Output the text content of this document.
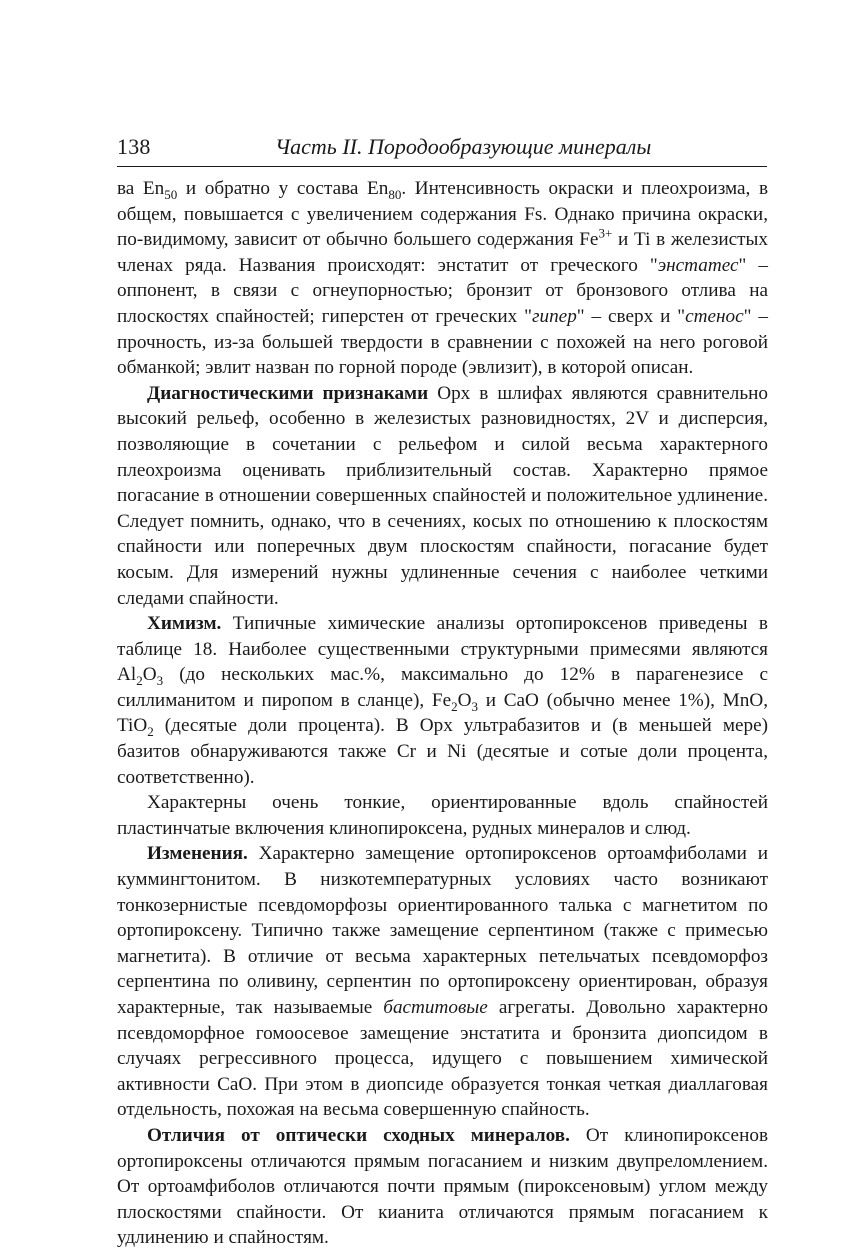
138	Часть II. Породообразующие минералы

ва $En_{50}$ и обратно у состава $En_{80}$. Интенсивность окраски и плеохроизма, в общем, повышается с увеличением содержания Fs. Однако причина окраски, по-видимому, зависит от обычно большего содержания $Fe^{3+}$ и Ti в железистых членах ряда. Названия происходят: энстатит от греческого "энстатес" – оппонент, в связи с огнеупорностью; бронзит от бронзового отлива на плоскостях спайностей; гиперстен от греческих "гипер" – сверх и "стенос" – прочность, из-за большей твердости в сравнении с похожей на него роговой обманкой; эвлит назван по горной породе (эвлизит), в которой описан.

Диагностическими признаками Opx в шлифах являются сравнительно высокий рельеф, особенно в железистых разновидностях, 2V и дисперсия, позволяющие в сочетании с рельефом и силой весьма характерного плеохроизма оценивать приблизительный состав. Характерно прямое погасание в отношении совершенных спайностей и положительное удлинение. Следует помнить, однако, что в сечениях, косых по отношению к плоскостям спайности или поперечных двум плоскостям спайности, погасание будет косым. Для измерений нужны удлиненные сечения с наиболее четкими следами спайности.

Химизм. Типичные химические анализы ортопироксенов приведены в таблице 18. Наиболее существенными структурными примесями являются $Al_2O_3$ (до нескольких мас.%, максимально до 12% в парагенезисе с силлиманитом и пиропом в сланце), $Fe_2O_3$ и CaO (обычно менее 1%), MnO, TiO$_2$ (десятые доли процента). В Opx ультрабазитов и (в меньшей мере) базитов обнаруживаются также Cr и Ni (десятые и сотые доли процента, соответственно).

Характерны очень тонкие, ориентированные вдоль спайностей пластинчатые включения клинопироксена, рудных минералов и слюд.

Изменения. Характерно замещение ортопироксенов ортоамфиболами и куммингтонитом. В низкотемпературных условиях часто возникают тонкозернистые псевдоморфозы ориентированного талька с магнетитом по ортопироксену. Типично также замещение серпентином (также с примесью магнетита). В отличие от весьма характерных петельчатых псевдоморфоз серпентина по оливину, серпентин по ортопироксену ориентирован, образуя характерные, так называемые баститовые агрегаты. Довольно характерно псевдоморфное гомоосевое замещение энстатита и бронзита диопсидом в случаях регрессивного процесса, идущего с повышением химической активности CaO. При этом в диопсиде образуется тонкая четкая диаллаговая отдельность, похожая на весьма совершенную спайность.

Отличия от оптически сходных минералов. От клинопироксенов ортопироксены отличаются прямым погасанием и низким двупреломлением. От ортоамфиболов отличаются почти прямым (пироксеновым) углом между плоскостями спайности. От кианита отличаются прямым погасанием к удлинению и спайностям.
